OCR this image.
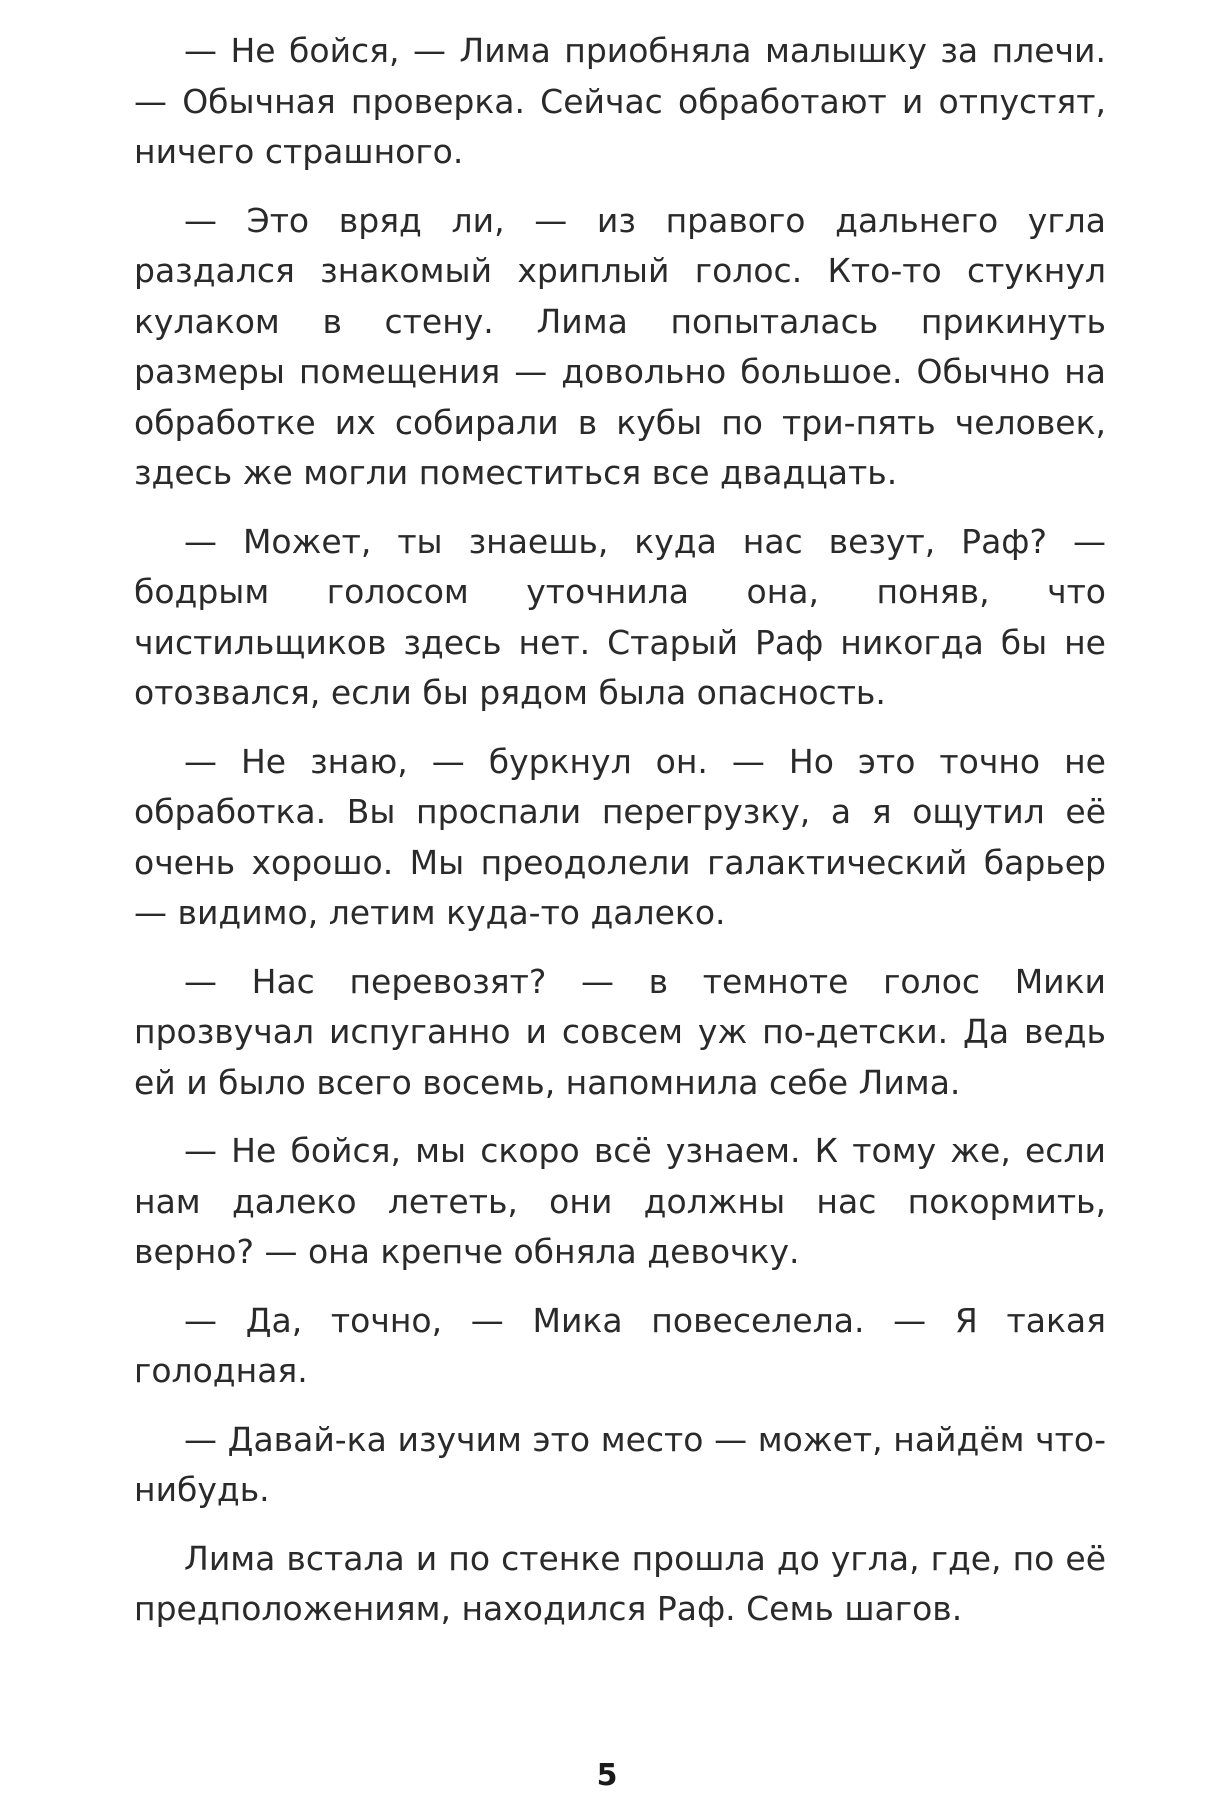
— Не бойся, — Лима приобняла малышку за плечи. — Обычная проверка. Сейчас обработают и отпустят, ничего страшного.

— Это вряд ли, — из правого дальнего угла раздался знакомый хриплый голос. Кто-то стукнул кулаком в стену. Лима попыталась прикинуть размеры помещения — довольно большое. Обычно на обработке их собирали в кубы по три-пять человек, здесь же могли поместиться все двадцать.

— Может, ты знаешь, куда нас везут, Раф? — бодрым голосом уточнила она, поняв, что чистильщиков здесь нет. Старый Раф никогда бы не отозвался, если бы рядом была опасность.

— Не знаю, — буркнул он. — Но это точно не обработка. Вы проспали перегрузку, а я ощутил её очень хорошо. Мы преодолели галактический барьер — видимо, летим куда-то далеко.

— Нас перевозят? — в темноте голос Мики прозвучал испуганно и совсем уж по-детски. Да ведь ей и было всего восемь, напомнила себе Лима.

— Не бойся, мы скоро всё узнаем. К тому же, если нам далеко лететь, они должны нас покормить, верно? — она крепче обняла девочку.

— Да, точно, — Мика повеселела. — Я такая голодная.

— Давай-ка изучим это место — может, найдём что-нибудь.

Лима встала и по стенке прошла до угла, где, по её предположениям, находился Раф. Семь шагов.

5
